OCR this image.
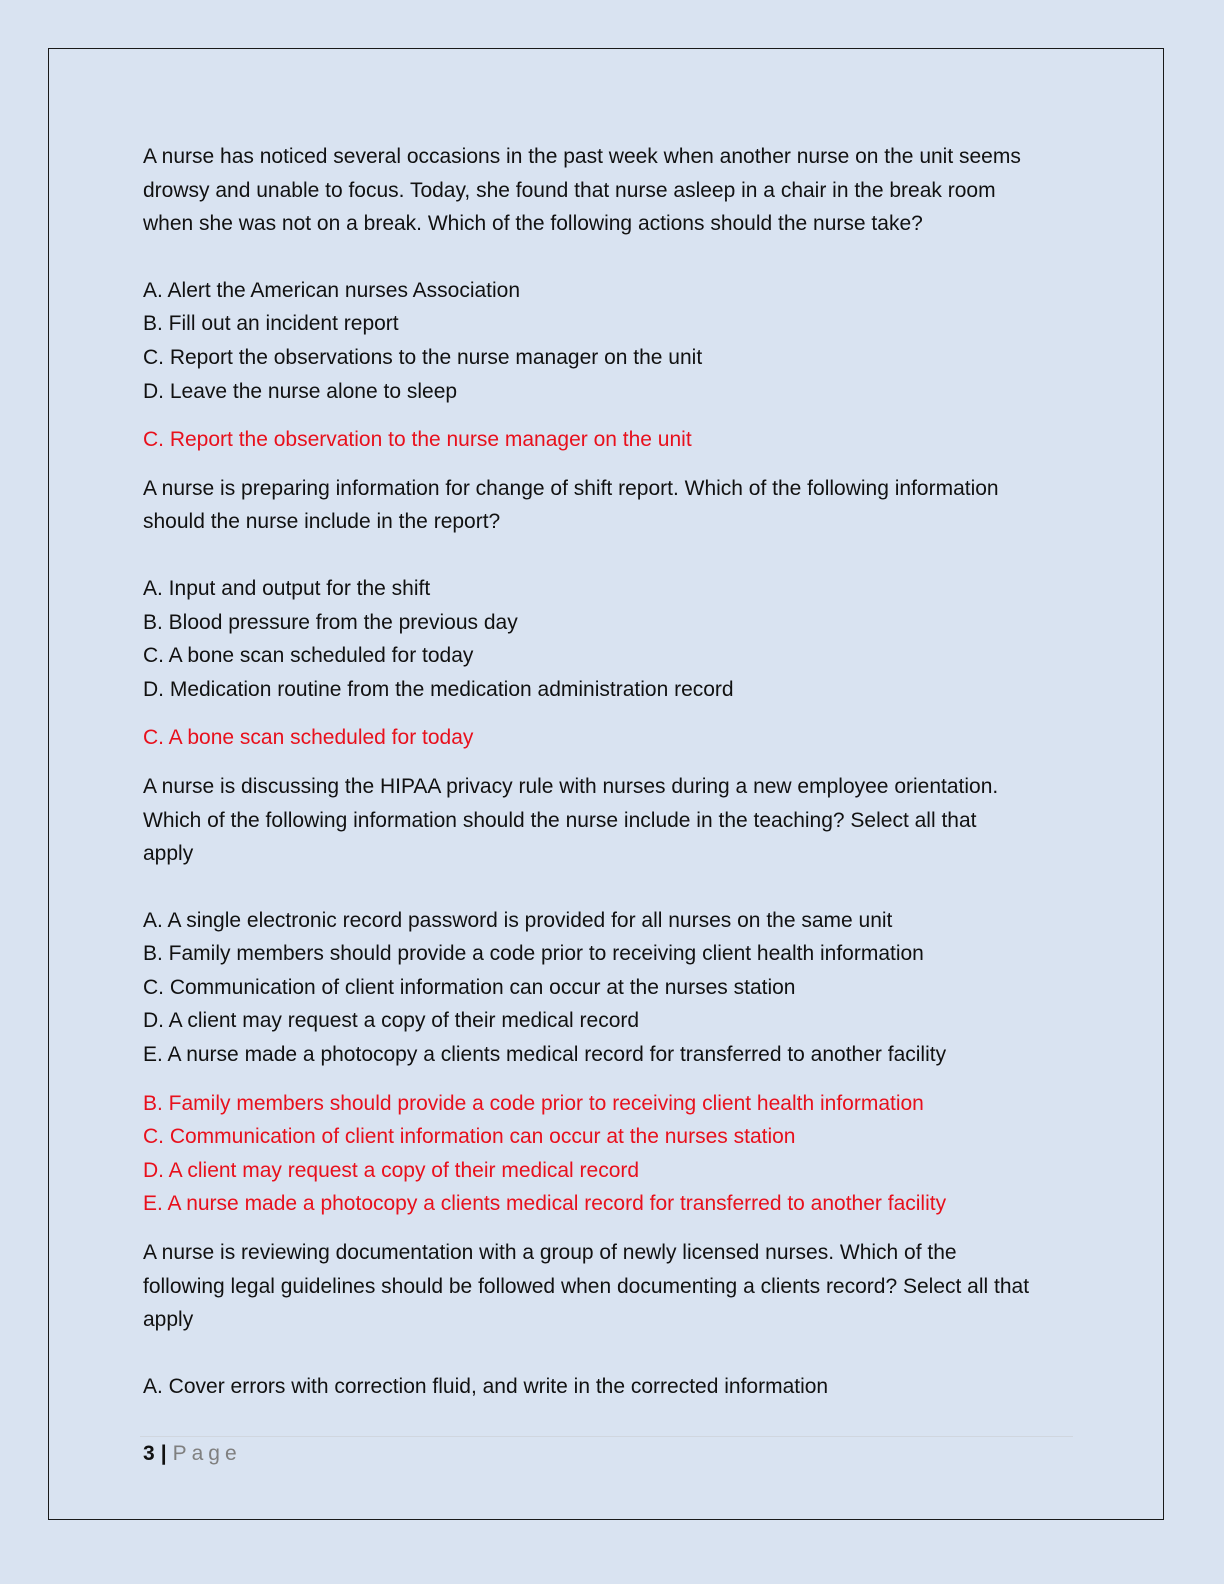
A nurse has noticed several occasions in the past week when another nurse on the unit seems
drowsy and unable to focus. Today, she found that nurse asleep in a chair in the break room
when she was not on a break. Which of the following actions should the nurse take?

A. Alert the American nurses Association
B. Fill out an incident report
C. Report the observations to the nurse manager on the unit
D. Leave the nurse alone to sleep
C. Report the observation to the nurse manager on the unit

A nurse is preparing information for change of shift report. Which of the following information
should the nurse include in the report?

A. Input and output for the shift
B. Blood pressure from the previous day
C. A bone scan scheduled for today
D. Medication routine from the medication administration record
C. A bone scan scheduled for today

A nurse is discussing the HIPAA privacy rule with nurses during a new employee orientation.
Which of the following information should the nurse include in the teaching? Select all that
apply

A. A single electronic record password is provided for all nurses on the same unit
B. Family members should provide a code prior to receiving client health information
C. Communication of client information can occur at the nurses station
D. A client may request a copy of their medical record
E. A nurse made a photocopy a clients medical record for transferred to another facility
B. Family members should provide a code prior to receiving client health information
C. Communication of client information can occur at the nurses station
D. A client may request a copy of their medical record
E. A nurse made a photocopy a clients medical record for transferred to another facility

A nurse is reviewing documentation with a group of newly licensed nurses. Which of the
following legal guidelines should be followed when documenting a clients record? Select all that
apply

A. Cover errors with correction fluid, and write in the corrected information
3 | Page
